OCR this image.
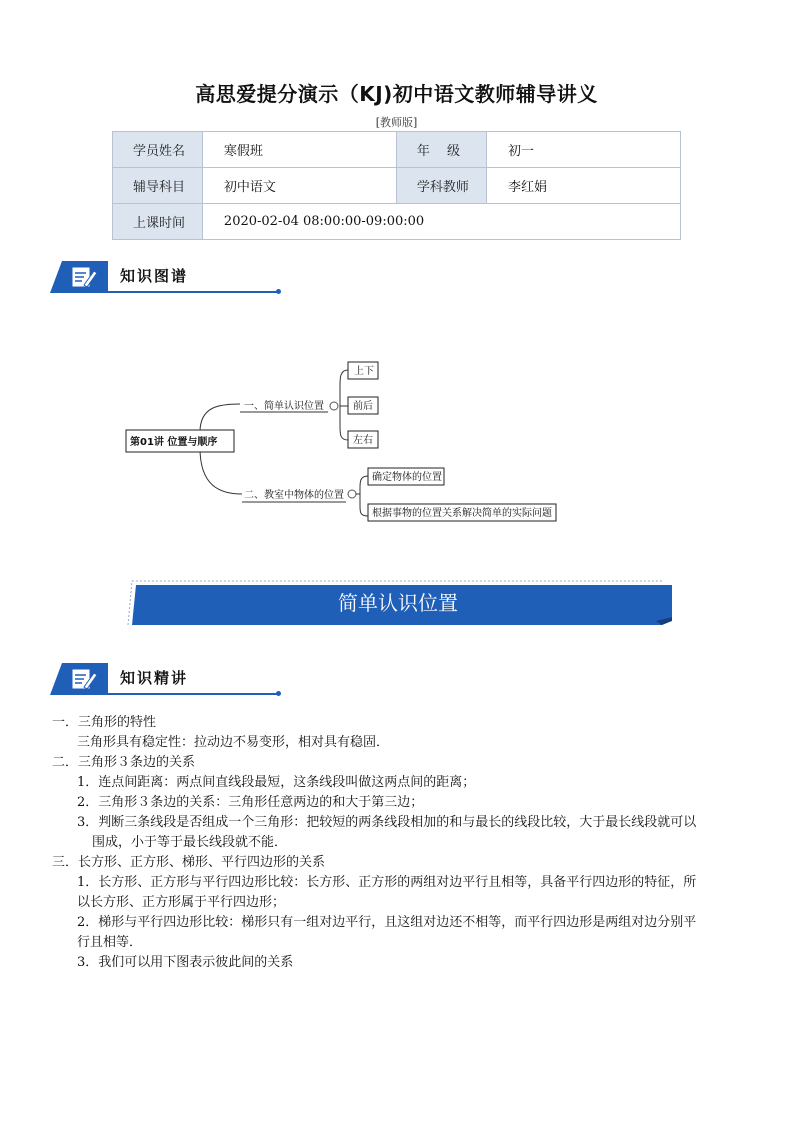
高思爱提分演示（KJ)初中语文教师辅导讲义
[教师版]
学员姓名	寒假班	年　 级	初一
辅导科目	初中语文	学科教师	李红娟
上课时间	2020-02-04 08:00:00-09:00:00		
知识图谱
第01讲 位置与顺序
一、简单认识位置
上下
前后
左右
二、教室中物体的位置
确定物体的位置
根据事物的位置关系解决简单的实际问题
简单认识位置
知识精讲

一．三角形的特性

三角形具有稳定性：拉动边不易变形，相对具有稳固．

二．三角形３条边的关系

1．连点间距离：两点间直线段最短，这条线段叫做这两点间的距离；

2．三角形３条边的关系：三角形任意两边的和大于第三边；

3．判断三条线段是否组成一个三角形：把较短的两条线段相加的和与最长的线段比较，大于最长线段就可以

围成，小于等于最长线段就不能．

三．长方形、正方形、梯形、平行四边形的关系

1．长方形、正方形与平行四边形比较：长方形、正方形的两组对边平行且相等，具备平行四边形的特征，所

以长方形、正方形属于平行四边形；

2．梯形与平行四边形比较：梯形只有一组对边平行，且这组对边还不相等，而平行四边形是两组对边分别平

行且相等．

3．我们可以用下图表示彼此间的关系
